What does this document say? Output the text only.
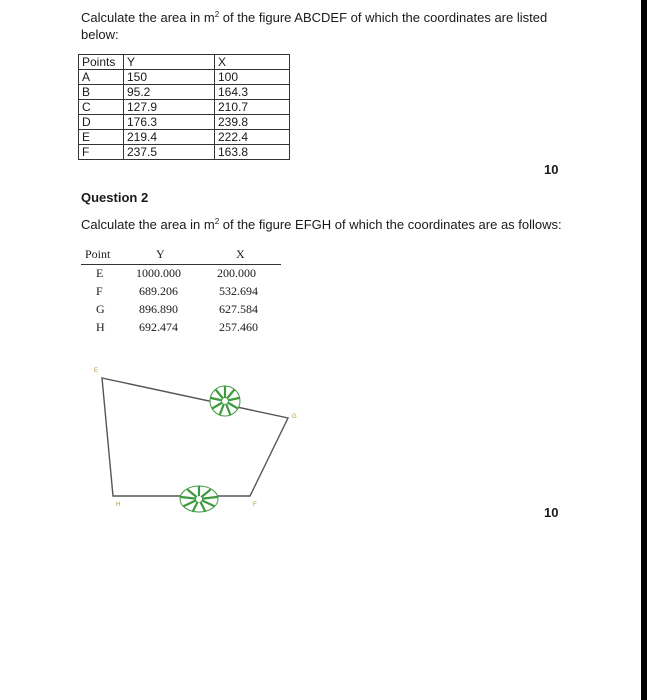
Calculate the area in $m^2$ of the figure ABCDEF of which the coordinates are listed below:
Points	Y	X
A	150	100
B	95.2	164.3
C	127.9	210.7
D	176.3	239.8
E	219.4	222.4
F	237.5	163.8
10
Question 2
Calculate the area in $m^2$ of the figure EFGH of which the coordinates are as follows:
Point	Y	X
E	1000.000	200.000
F	689.206	532.694
G	896.890	627.584
H	692.474	257.460
E
F
G
H	10
